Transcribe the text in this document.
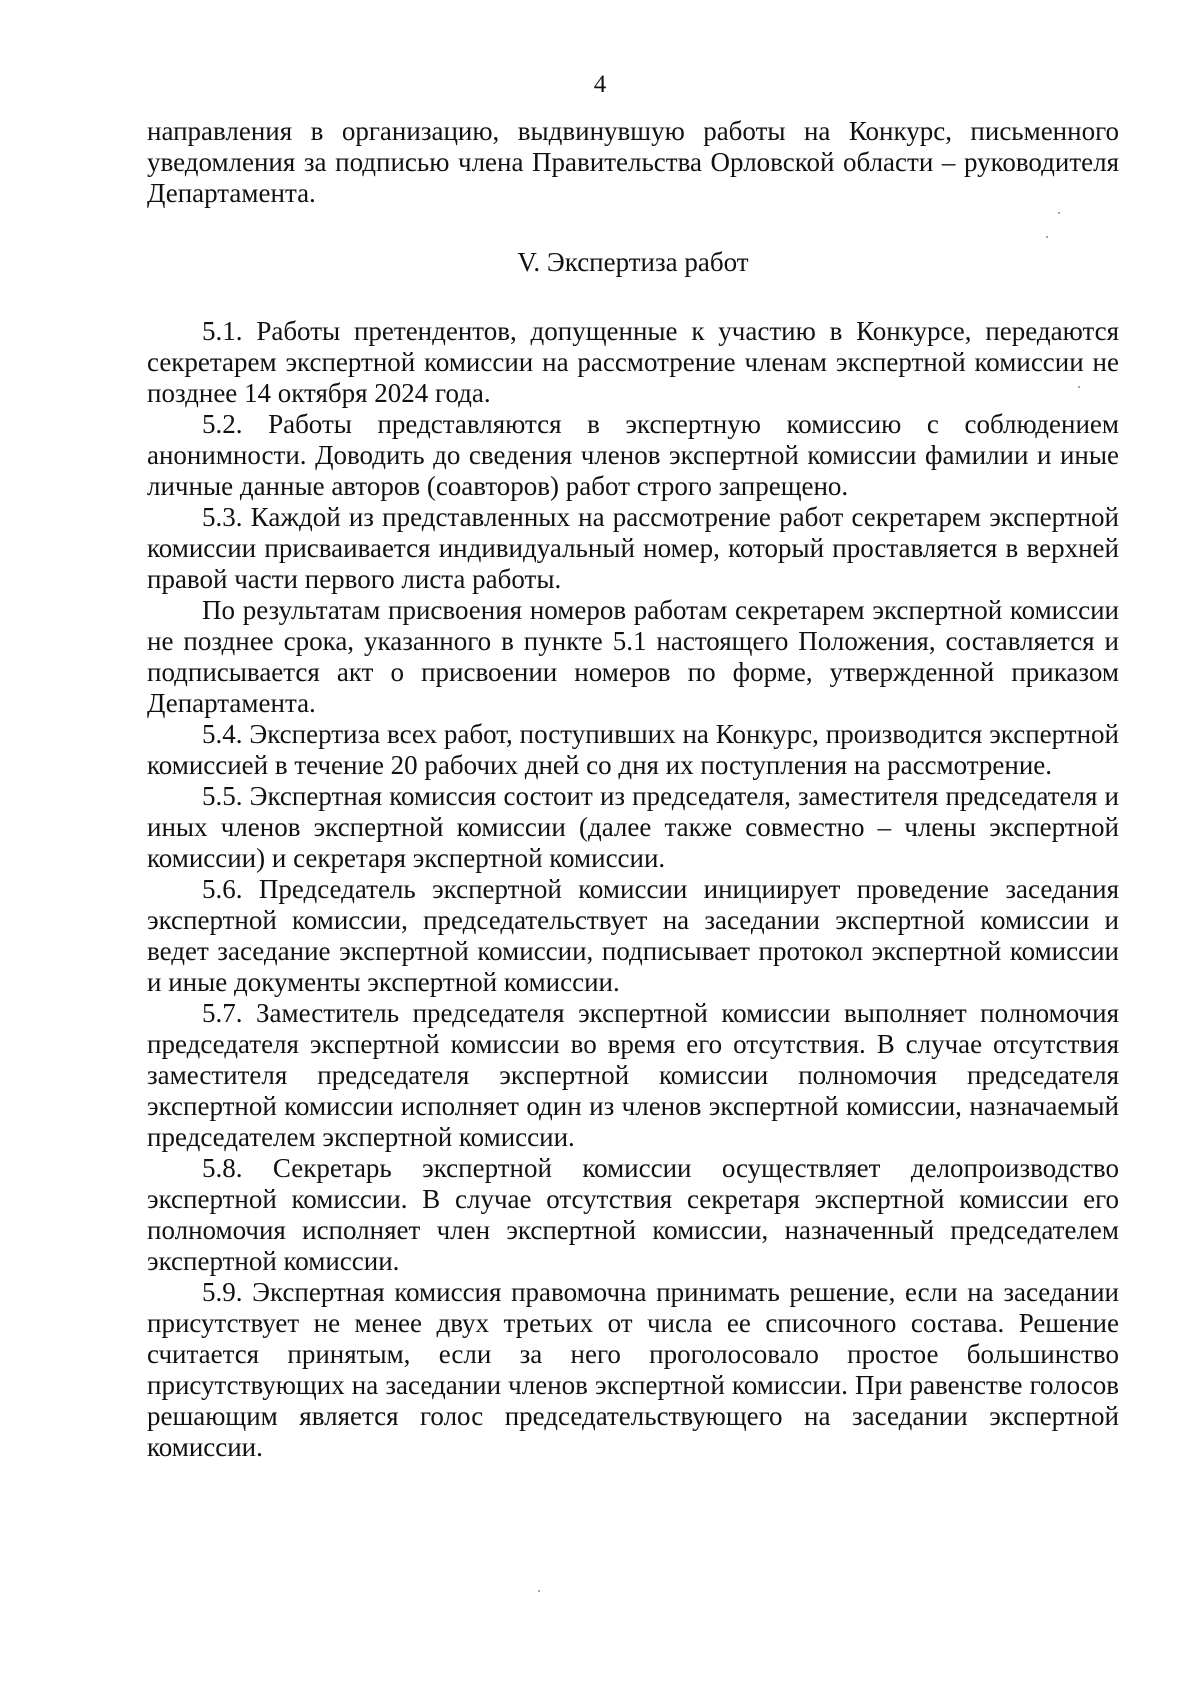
4

направления в организацию, выдвинувшую работы на Конкурс, письменного уведомления за подписью члена Правительства Орловской области – руководителя Департамента.

V. Экспертиза работ

5.1. Работы претендентов, допущенные к участию в Конкурсе, передаются секретарем экспертной комиссии на рассмотрение членам экспертной комиссии не позднее 14 октября 2024 года.

5.2. Работы представляются в экспертную комиссию с соблюдением анонимности. Доводить до сведения членов экспертной комиссии фамилии и иные личные данные авторов (соавторов) работ строго запрещено.

5.3. Каждой из представленных на рассмотрение работ секретарем экспертной комиссии присваивается индивидуальный номер, который проставляется в верхней правой части первого листа работы.

По результатам присвоения номеров работам секретарем экспертной комиссии не позднее срока, указанного в пункте 5.1 настоящего Положения, составляется и подписывается акт о присвоении номеров по форме, утвержденной приказом Департамента.

5.4. Экспертиза всех работ, поступивших на Конкурс, производится экспертной комиссией в течение 20 рабочих дней со дня их поступления на рассмотрение.

5.5. Экспертная комиссия состоит из председателя, заместителя председателя и иных членов экспертной комиссии (далее также совместно – члены экспертной комиссии) и секретаря экспертной комиссии.

5.6. Председатель экспертной комиссии инициирует проведение заседания экспертной комиссии, председательствует на заседании экспертной комиссии и ведет заседание экспертной комиссии, подписывает протокол экспертной комиссии и иные документы экспертной комиссии.

5.7. Заместитель председателя экспертной комиссии выполняет полномочия председателя экспертной комиссии во время его отсутствия. В случае отсутствия заместителя председателя экспертной комиссии полномочия председателя экспертной комиссии исполняет один из членов экспертной комиссии, назначаемый председателем экспертной комиссии.

5.8. Секретарь экспертной комиссии осуществляет делопроизводство экспертной комиссии. В случае отсутствия секретаря экспертной комиссии его полномочия исполняет член экспертной комиссии, назначенный председателем экспертной комиссии.

5.9. Экспертная комиссия правомочна принимать решение, если на заседании присутствует не менее двух третьих от числа ее списочного состава. Решение считается принятым, если за него проголосовало простое большинство присутствующих на заседании членов экспертной комиссии. При равенстве голосов решающим является голос председательствующего на заседании экспертной комиссии.
